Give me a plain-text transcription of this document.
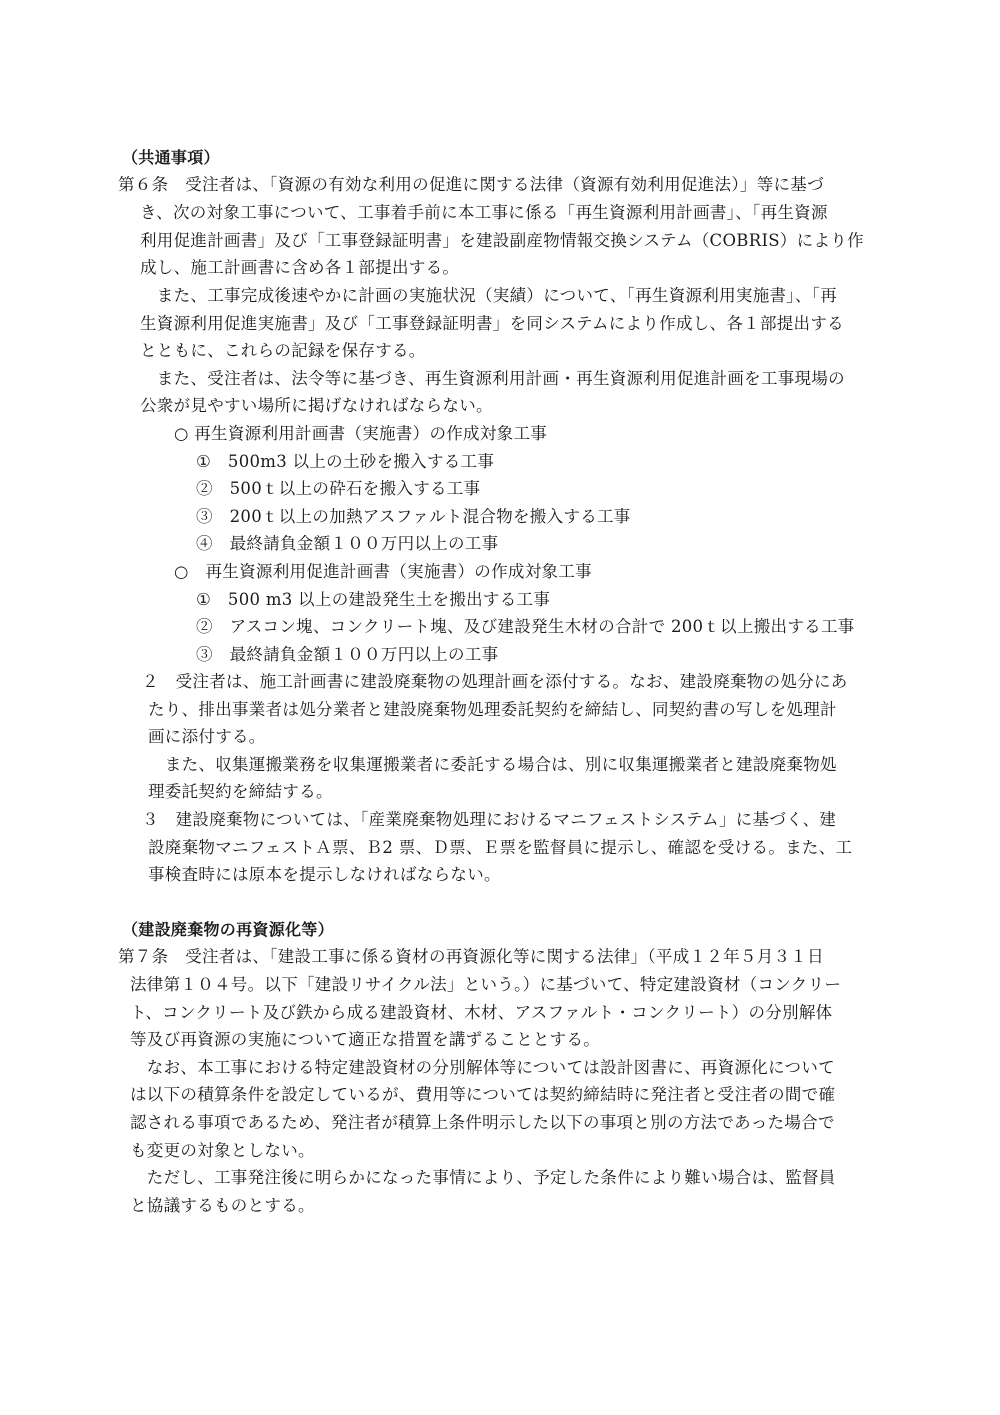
（共通事項）
第６条　受注者は、「資源の有効な利用の促進に関する法律（資源有効利用促進法）」等に基づ
き、次の対象工事について、工事着手前に本工事に係る「再生資源利用計画書」、「再生資源
利用促進計画書」及び「工事登録証明書」を建設副産物情報交換システム（COBRIS）により作
成し、施工計画書に含め各１部提出する。
　また、工事完成後速やかに計画の実施状況（実績）について、「再生資源利用実施書」、「再
生資源利用促進実施書」及び「工事登録証明書」を同システムにより作成し、各１部提出する
とともに、これらの記録を保存する。
　また、受注者は、法令等に基づき、再生資源利用計画・再生資源利用促進計画を工事現場の
公衆が見やすい場所に掲げなければならない。
○ 再生資源利用計画書（実施書）の作成対象工事
①　500m3 以上の土砂を搬入する工事
②　500ｔ以上の砕石を搬入する工事
③　200ｔ以上の加熱アスファルト混合物を搬入する工事
④　最終請負金額１００万円以上の工事
○　再生資源利用促進計画書（実施書）の作成対象工事
①　500 m3 以上の建設発生土を搬出する工事
②　アスコン塊、コンクリート塊、及び建設発生木材の合計で 200ｔ以上搬出する工事
③　最終請負金額１００万円以上の工事
２　受注者は、施工計画書に建設廃棄物の処理計画を添付する。なお、建設廃棄物の処分にあ
たり、排出事業者は処分業者と建設廃棄物処理委託契約を締結し、同契約書の写しを処理計
画に添付する。
　また、収集運搬業務を収集運搬業者に委託する場合は、別に収集運搬業者と建設廃棄物処
理委託契約を締結する。
３　建設廃棄物については、「産業廃棄物処理におけるマニフェストシステム」に基づく、建
設廃棄物マニフェストＡ票、Ｂ2 票、Ｄ票、Ｅ票を監督員に提示し、確認を受ける。また、工
事検査時には原本を提示しなければならない。
（建設廃棄物の再資源化等）
第７条　受注者は、「建設工事に係る資材の再資源化等に関する法律」（平成１２年５月３１日
法律第１０４号。以下「建設リサイクル法」という。）に基づいて、特定建設資材（コンクリー
ト、コンクリート及び鉄から成る建設資材、木材、アスファルト・コンクリート）の分別解体
等及び再資源の実施について適正な措置を講ずることとする。
　なお、本工事における特定建設資材の分別解体等については設計図書に、再資源化について
は以下の積算条件を設定しているが、費用等については契約締結時に発注者と受注者の間で確
認される事項であるため、発注者が積算上条件明示した以下の事項と別の方法であった場合で
も変更の対象としない。
　ただし、工事発注後に明らかになった事情により、予定した条件により難い場合は、監督員
と協議するものとする。
